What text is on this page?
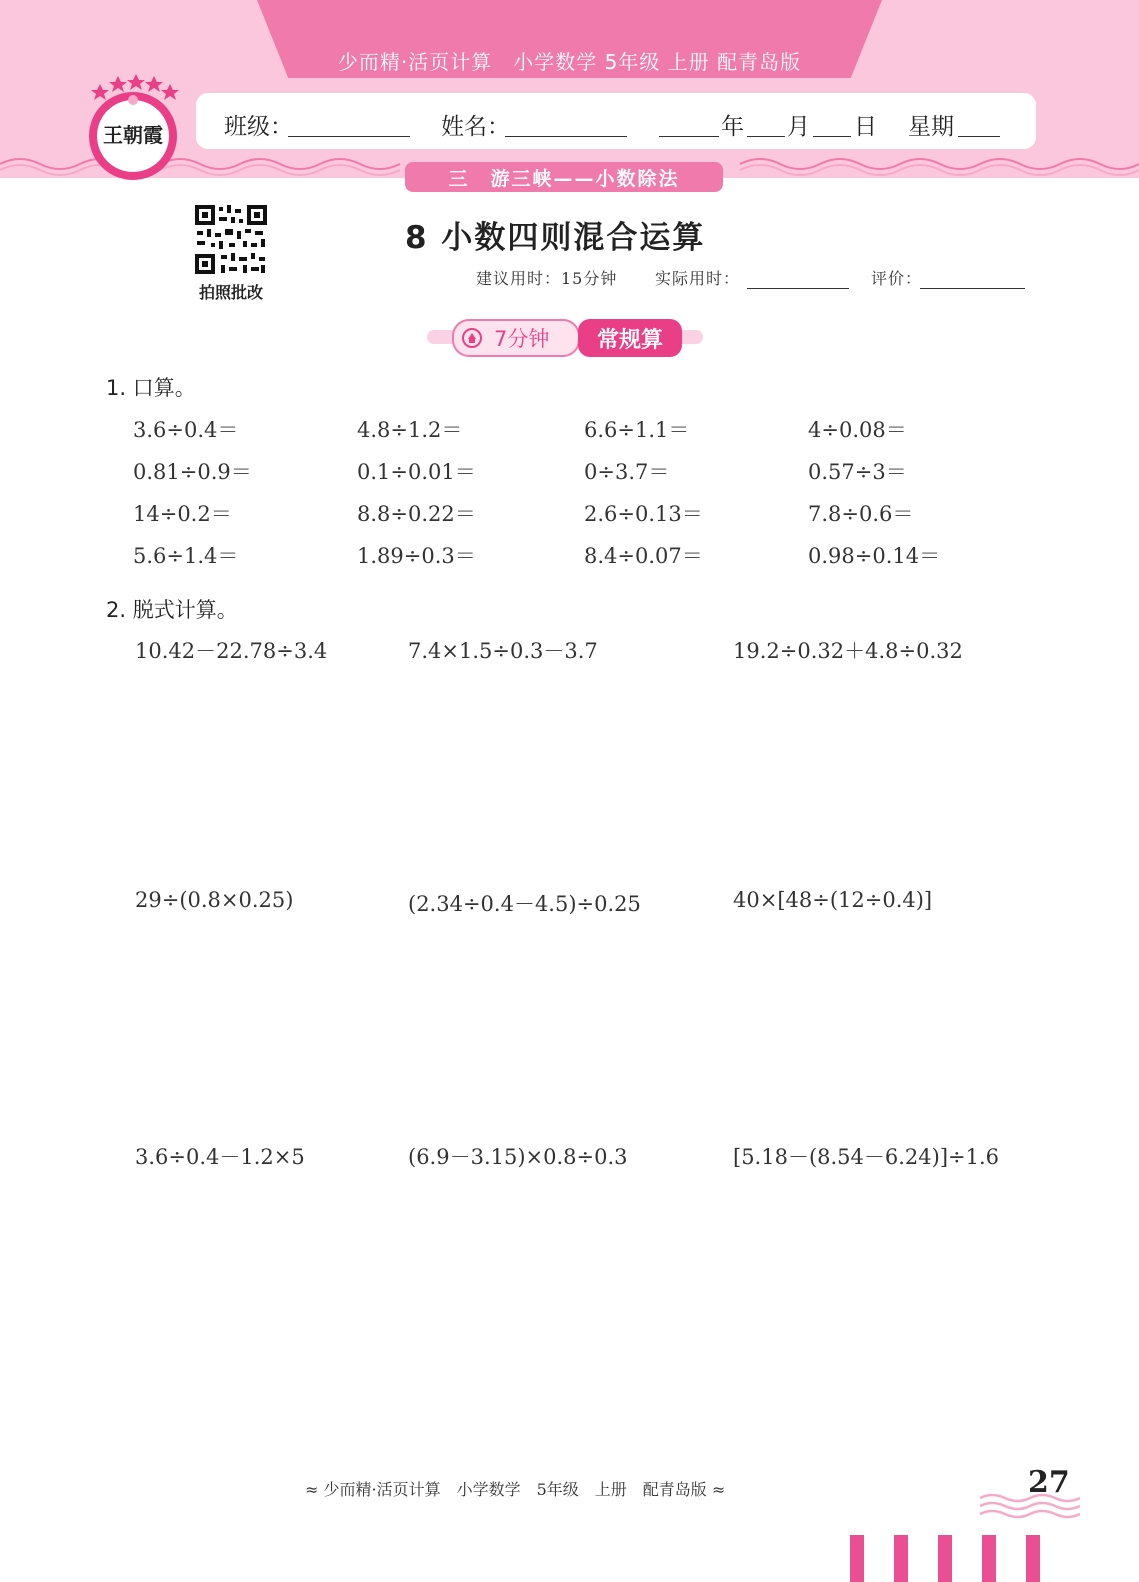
少而精·活页计算　小学数学 5年级 上册 配青岛版
班级：	姓名：	年 月 日 星期
王朝霞
三　游三峡——小数除法
拍照批改
8 小数四则混合运算
建议用时：15分钟 实际用时：	评价：
7分钟	常规算
1. 口算。
3.6÷0.4＝	4.8÷1.2＝	6.6÷1.1＝	4÷0.08＝
0.81÷0.9＝	0.1÷0.01＝	0÷3.7＝	0.57÷3＝
14÷0.2＝	8.8÷0.22＝	2.6÷0.13＝	7.8÷0.6＝
5.6÷1.4＝	1.89÷0.3＝	8.4÷0.07＝	0.98÷0.14＝
2. 脱式计算。
10.42－22.78÷3.4	7.4×1.5÷0.3－3.7	19.2÷0.32＋4.8÷0.32
29÷(0.8×0.25)	(2.34÷0.4－4.5)÷0.25	40×[48÷(12÷0.4)]
3.6÷0.4－1.2×5	(6.9－3.15)×0.8÷0.3	[5.18－(8.54－6.24)]÷1.6
≈ 少而精·活页计算　小学数学　5年级　上册　配青岛版 ≈	27
